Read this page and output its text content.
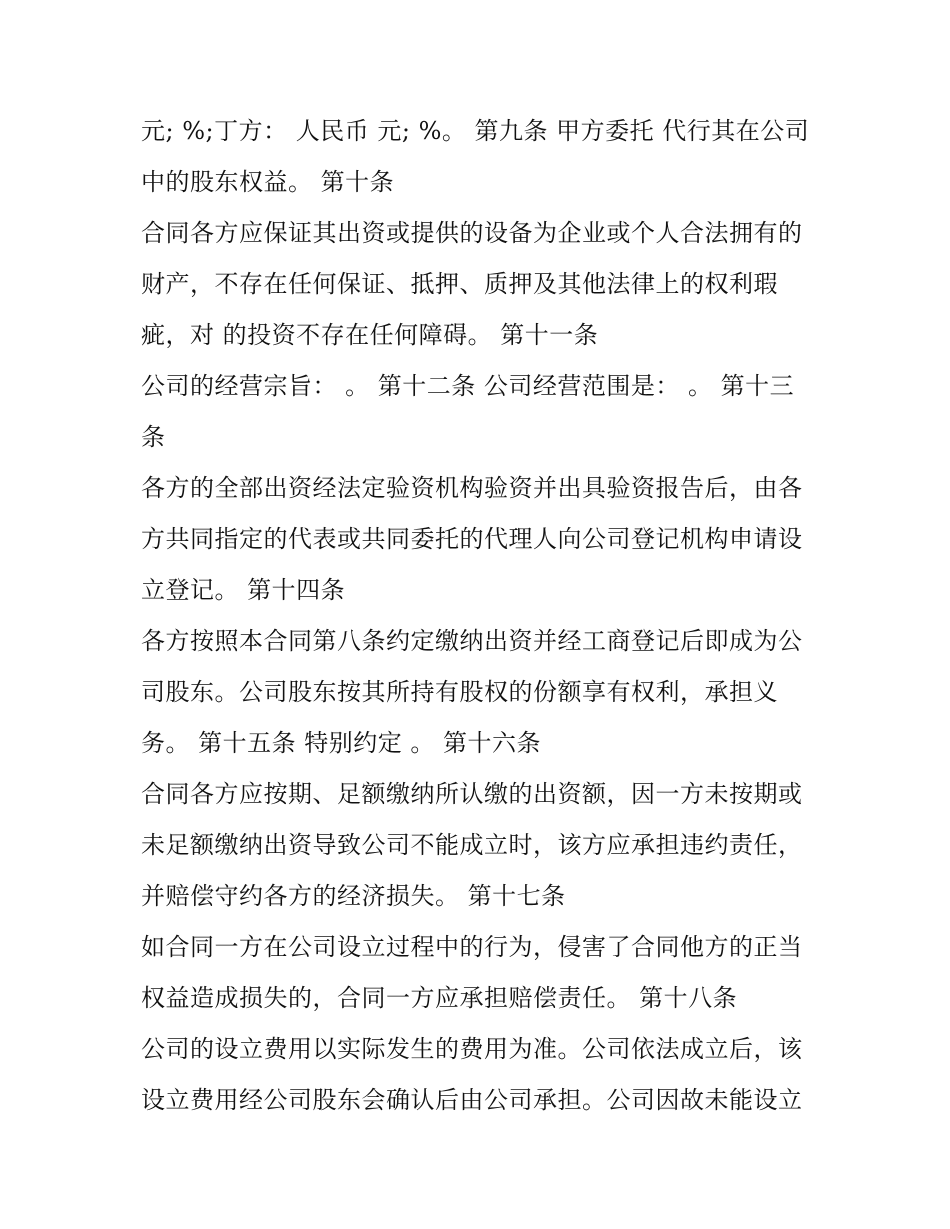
元; %;丁方： 人民币 元; %。 第九条 甲方委托 代行其在公司
中的股东权益。 第十条
合同各方应保证其出资或提供的设备为企业或个人合法拥有的
财产，不存在任何保证、抵押、质押及其他法律上的权利瑕
疵，对 的投资不存在任何障碍。 第十一条
公司的经营宗旨： 。 第十二条 公司经营范围是： 。 第十三
条
各方的全部出资经法定验资机构验资并出具验资报告后，由各
方共同指定的代表或共同委托的代理人向公司登记机构申请设
立登记。 第十四条
各方按照本合同第八条约定缴纳出资并经工商登记后即成为公
司股东。公司股东按其所持有股权的份额享有权利，承担义
务。 第十五条 特别约定 。 第十六条
合同各方应按期、足额缴纳所认缴的出资额，因一方未按期或
未足额缴纳出资导致公司不能成立时，该方应承担违约责任，
并赔偿守约各方的经济损失。 第十七条
如合同一方在公司设立过程中的行为，侵害了合同他方的正当
权益造成损失的，合同一方应承担赔偿责任。 第十八条
公司的设立费用以实际发生的费用为准。公司依法成立后，该
设立费用经公司股东会确认后由公司承担。公司因故未能设立
